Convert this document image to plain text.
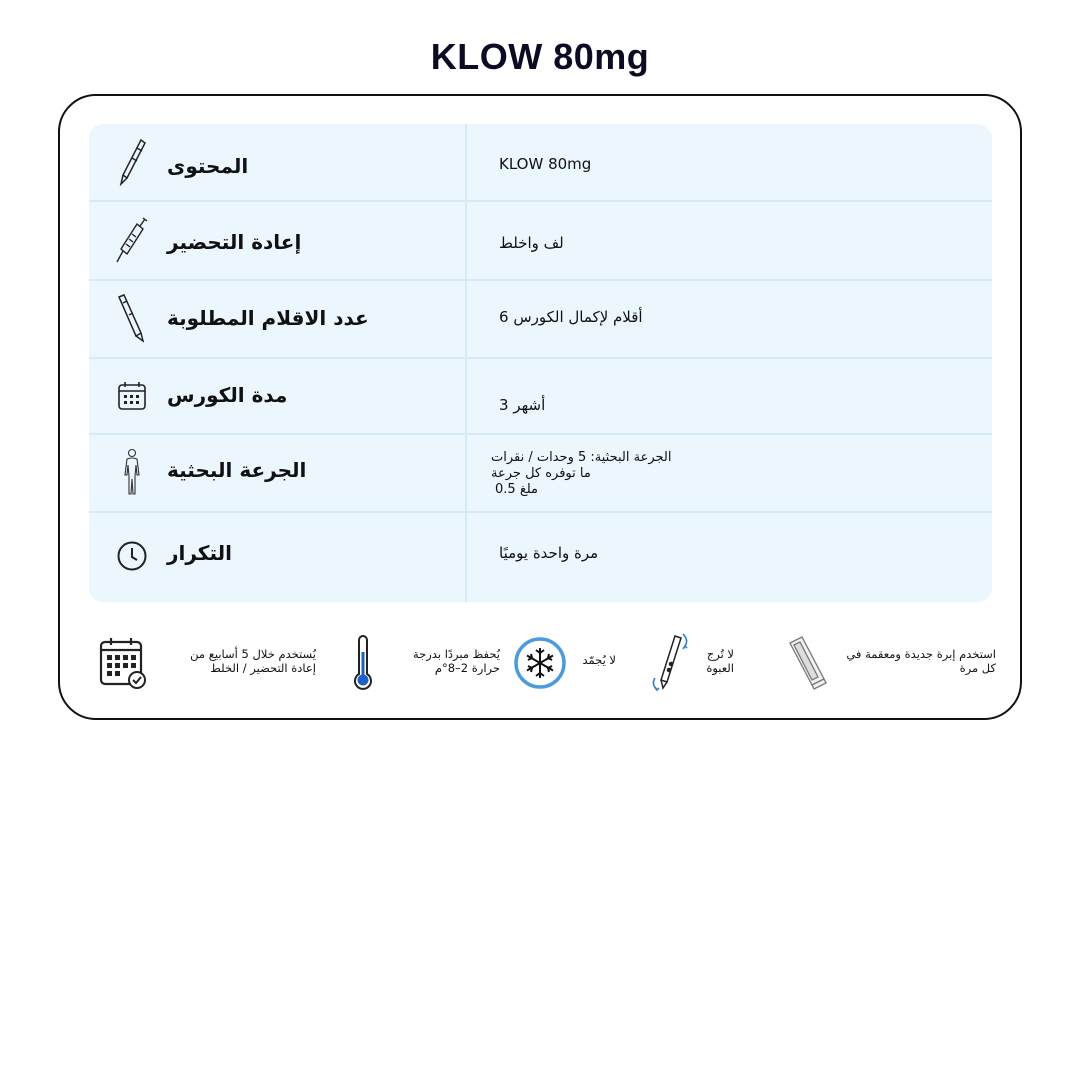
KLOW 80mg
المحتوى	KLOW 80mg
إعادة التحضير	لف واخلط
عدد الاقلام المطلوبة	أقلام لإكمال الكورس 6
مدة الكورس	أشهر 3
الجرعة البحثية
الجرعة البحثية: 5 وحدات / نقرات
ما توفره كل جرعة
ملغ 0.5
التكرار	مرة واحدة يوميًا
يُستخدم خلال 5 أسابيع من إعادة التحضير / الخلط
يُحفظ مبردًا بدرجة حرارة 2–8°م
لا يُجمّد	لا تُرج العبوة
استخدم إبرة جديدة ومعقمة في كل مرة
